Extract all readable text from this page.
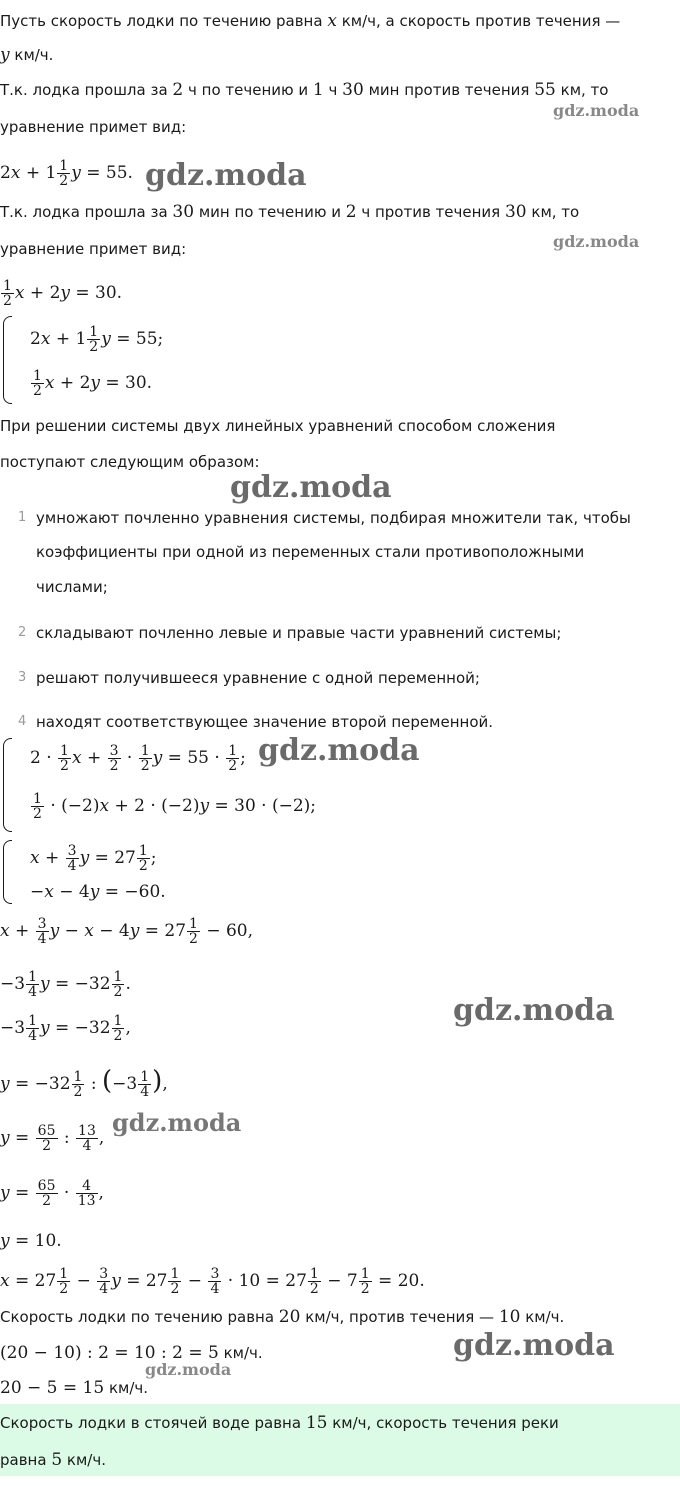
Пусть скорость лодки по течению равна x км/ч, а скорость против течения —
y км/ч.
Т.к. лодка прошла за 2 ч по течению и 1 ч 30 мин против течения 55 км, то
уравнение примет вид:
$2x + 1 \frac{1}{2}$ y = 55.
Т.к. лодка прошла за 30 мин по течению и 2 ч против течения 30 км, то
уравнение примет вид:
$\frac{1}{2}$ x + 2y = 30.
$2x + 1 \frac{1}{2}$ y = 55;
$\frac{1}{2}$ x + 2y = 30.
При решении системы двух линейных уравнений способом сложения
поступают следующим образом:
1 умножают почленно уравнения системы, подбирая множители так, чтобы
коэффициенты при одной из переменных стали противоположными
числами;
2 складывают почленно левые и правые части уравнений системы;
3 решают получившееся уравнение с одной переменной;
4 находят соответствующее значение второй переменной.
$2 \cdot \frac{1}{2}$ $x + \frac{3}{2} \cdot \frac{1}{2}$ $y = 55 \cdot \frac{1}{2}$ ;
$\frac{1}{2} \cdot (-2)x + 2 \cdot (-2)y = 30 \cdot (-2)$;
$x + \frac{3}{4}$ $y = 27 \frac{1}{2}$ ;
−x − 4y = −60.
$x + \frac{3}{4}$ $y - x - 4y = 27 \frac{1}{2} - 60$,
$-3 \frac{1}{4}$ $y = -32 \frac{1}{2}$ .
$-3 \frac{1}{4}$ $y = -32 \frac{1}{2}$ ,
$y = -32 \frac{1}{2}$ : ($-3 \frac{1}{4}$ ),
$y = \frac{65}{2}$ : $\frac{13}{4}$ ,
$y = \frac{65}{2} \cdot \frac{4}{13}$ ,
y = 10.
$x = 27 \frac{1}{2} - \frac{3}{4}$ $y = 27 \frac{1}{2} - \frac{3}{4} \cdot 10 = 27 \frac{1}{2} - 7 \frac{1}{2} = 20$.
Скорость лодки по течению равна 20 км/ч, против течения — 10 км/ч.
(20 − 10) : 2 = 10 : 2 = 5 км/ч.
20 − 5 = 15 км/ч.
Скорость лодки в стоячей воде равна 15 км/ч, скорость течения реки
равна 5 км/ч.
gdz.moda
gdz.moda
gdz.moda
gdz.moda
gdz.moda
gdz.moda
gdz.moda
gdz.moda
gdz.moda
